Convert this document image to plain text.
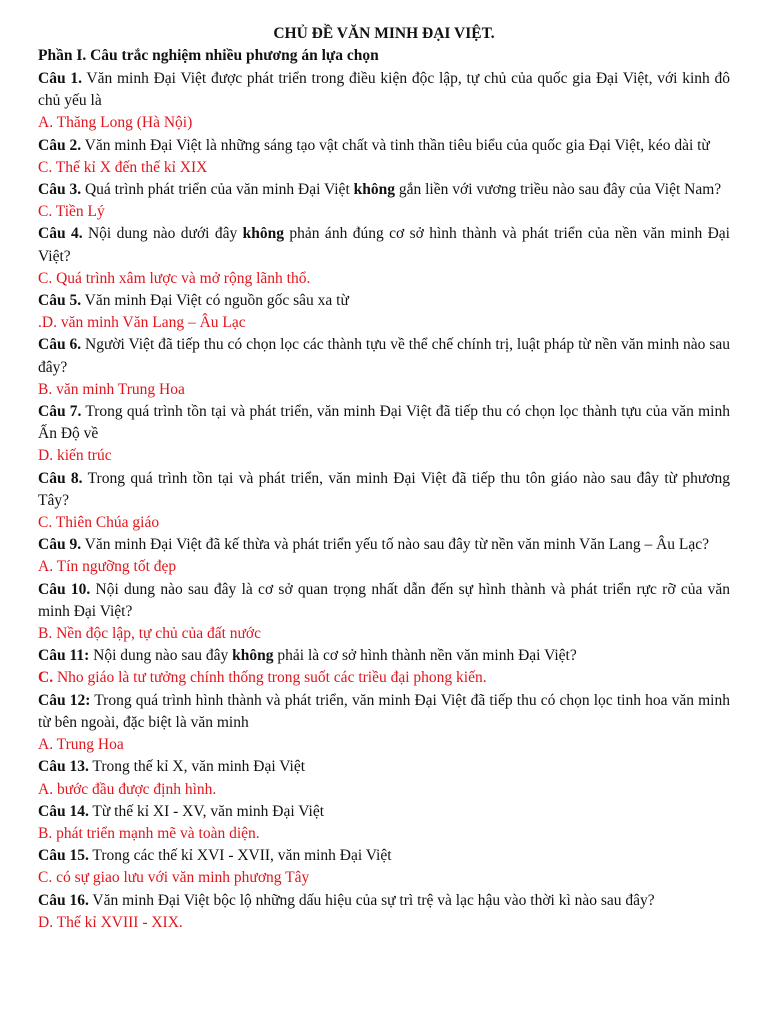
CHỦ ĐỀ VĂN MINH ĐẠI VIỆT.
Phần I. Câu trắc nghiệm nhiều phương án lựa chọn
Câu 1. Văn minh Đại Việt được phát triển trong điều kiện độc lập, tự chủ của quốc gia Đại Việt, với kinh đô chủ yếu là
A. Thăng Long (Hà Nội)
Câu 2. Văn minh Đại Việt là những sáng tạo vật chất và tinh thần tiêu biểu của quốc gia Đại Việt, kéo dài từ
C. Thế kỉ X đến thế kỉ XIX
Câu 3. Quá trình phát triển của văn minh Đại Việt không gắn liền với vương triều nào sau đây của Việt Nam?
C. Tiền Lý
Câu 4. Nội dung nào dưới đây không phản ánh đúng cơ sở hình thành và phát triển của nền văn minh Đại Việt?
C. Quá trình xâm lược và mở rộng lãnh thổ.
Câu 5. Văn minh Đại Việt có nguồn gốc sâu xa từ
.D. văn minh Văn Lang – Âu Lạc
Câu 6. Người Việt đã tiếp thu có chọn lọc các thành tựu về thể chế chính trị, luật pháp từ nền văn minh nào sau đây?
B. văn minh Trung Hoa
Câu 7. Trong quá trình tồn tại và phát triển, văn minh Đại Việt đã tiếp thu có chọn lọc thành tựu của văn minh Ấn Độ về
D. kiến trúc
Câu 8. Trong quá trình tồn tại và phát triển, văn minh Đại Việt đã tiếp thu tôn giáo nào sau đây từ phương Tây?
C. Thiên Chúa giáo
Câu 9. Văn minh Đại Việt đã kế thừa và phát triển yếu tố nào sau đây từ nền văn minh Văn Lang – Âu Lạc?
A. Tín ngưỡng tốt đẹp
Câu 10. Nội dung nào sau đây là cơ sở quan trọng nhất dẫn đến sự hình thành và phát triển rực rỡ của văn minh Đại Việt?
B. Nền độc lập, tự chủ của đất nước
Câu 11: Nội dung nào sau đây không phải là cơ sở hình thành nền văn minh Đại Việt?
C. Nho giáo là tư tưởng chính thống trong suốt các triều đại phong kiến.
Câu 12: Trong quá trình hình thành và phát triển, văn minh Đại Việt đã tiếp thu có chọn lọc tinh hoa văn minh từ bên ngoài, đặc biệt là văn minh
A. Trung Hoa
Câu 13. Trong thế kỉ X, văn minh Đại Việt
A. bước đầu được định hình.
Câu 14. Từ thế kỉ XI - XV, văn minh Đại Việt
B. phát triển mạnh mẽ và toàn diện.
Câu 15. Trong các thế kỉ XVI - XVII, văn minh Đại Việt
C. có sự giao lưu với văn minh phương Tây
Câu 16. Văn minh Đại Việt bộc lộ những dấu hiệu của sự trì trệ và lạc hậu vào thời kì nào sau đây?
D. Thế kỉ XVIII - XIX.
